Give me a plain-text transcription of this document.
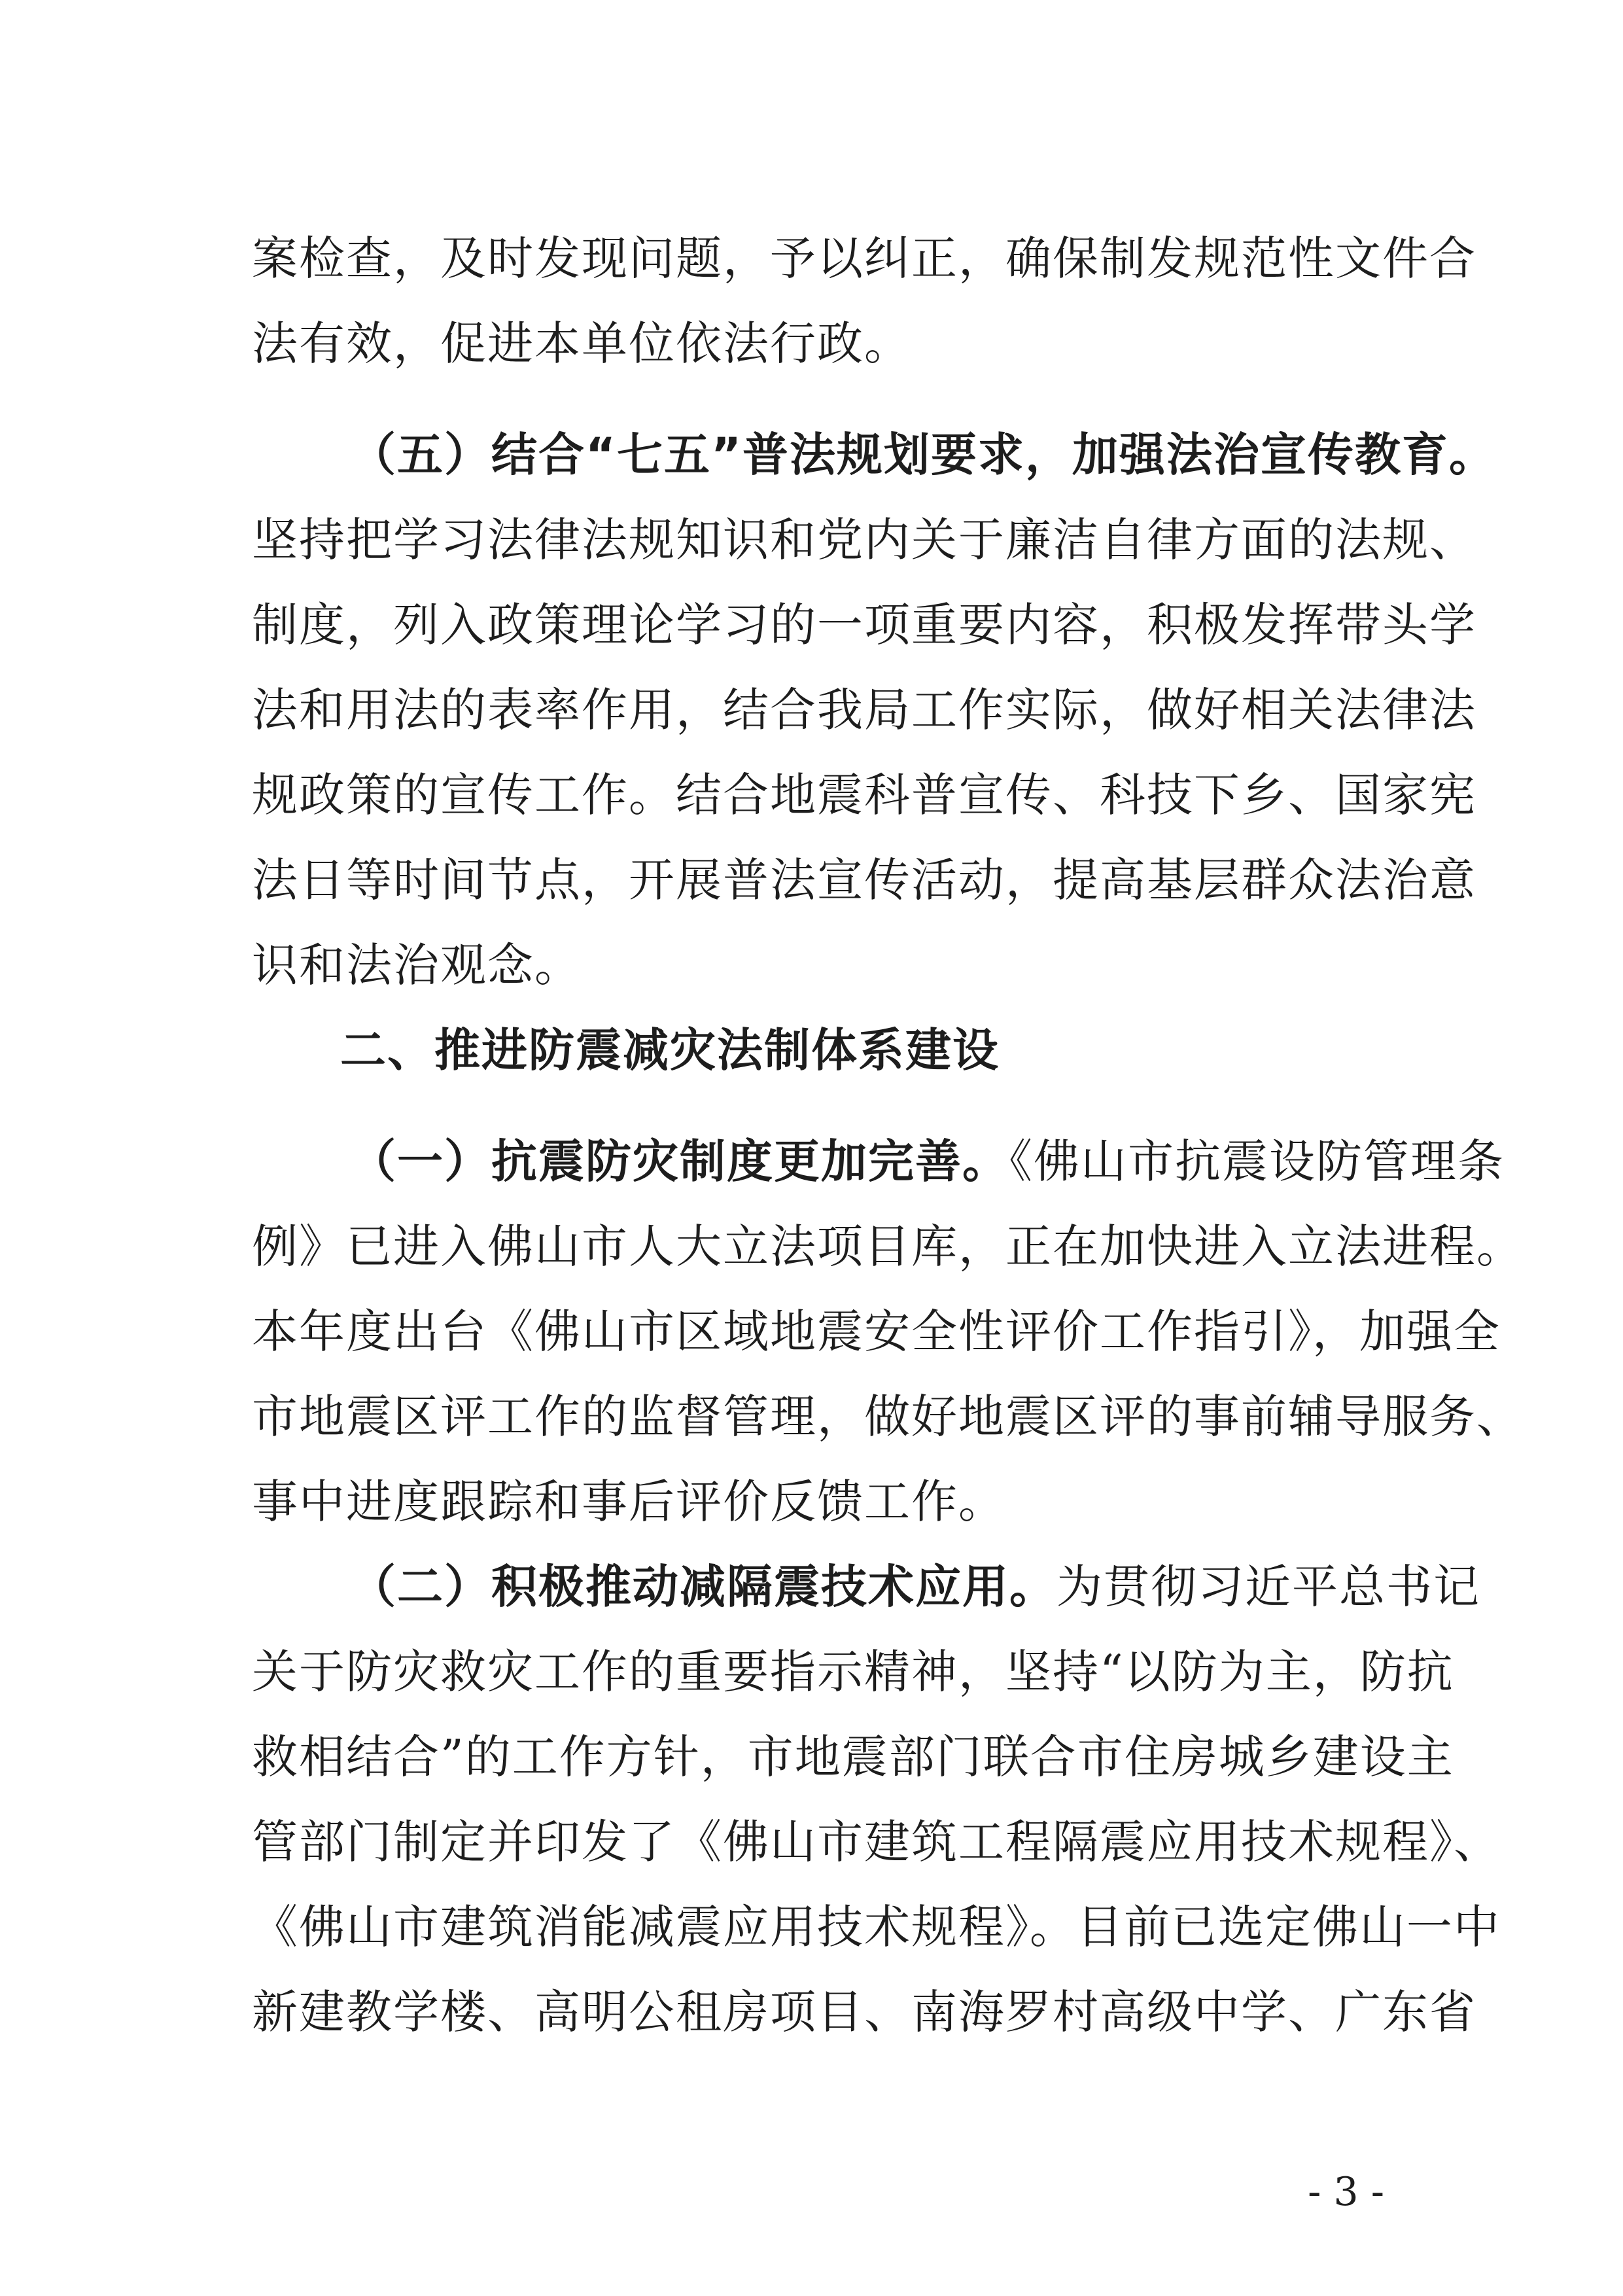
案检查，及时发现问题，予以纠正，确保制发规范性文件合
法有效，促进本单位依法行政。
（五）结合“七五”普法规划要求，加强法治宣传教育。
坚持把学习法律法规知识和党内关于廉洁自律方面的法规、
制度，列入政策理论学习的一项重要内容，积极发挥带头学
法和用法的表率作用，结合我局工作实际，做好相关法律法
规政策的宣传工作。结合地震科普宣传、科技下乡、国家宪
法日等时间节点，开展普法宣传活动，提高基层群众法治意
识和法治观念。
二、推进防震减灾法制体系建设
（一）抗震防灾制度更加完善。《佛山市抗震设防管理条
例》已进入佛山市人大立法项目库，正在加快进入立法进程。
本年度出台《佛山市区域地震安全性评价工作指引》，加强全
市地震区评工作的监督管理，做好地震区评的事前辅导服务、
事中进度跟踪和事后评价反馈工作。
（二）积极推动减隔震技术应用。为贯彻习近平总书记
关于防灾救灾工作的重要指示精神，坚持“以防为主，防抗
救相结合”的工作方针，市地震部门联合市住房城乡建设主
管部门制定并印发了《佛山市建筑工程隔震应用技术规程》、
《佛山市建筑消能减震应用技术规程》。目前已选定佛山一中
新建教学楼、高明公租房项目、南海罗村高级中学、广东省
- 3 -
